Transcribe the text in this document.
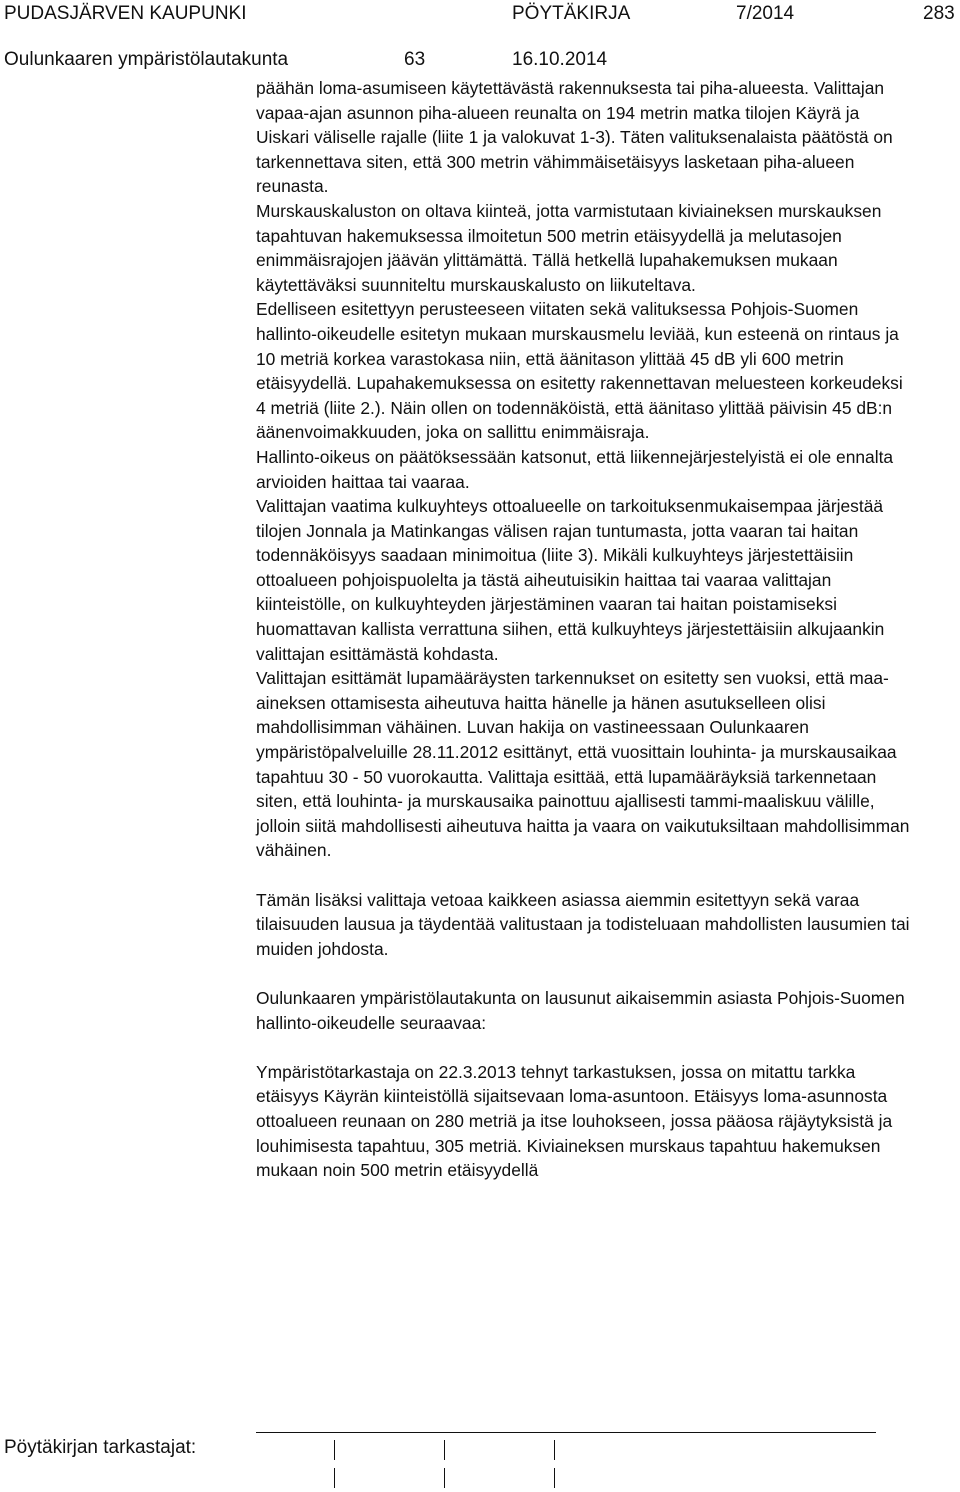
PUDASJÄRVEN KAUPUNKI	PÖYTÄKIRJA	7/2014	283
Oulunkaaren ympäristölautakunta	63	16.10.2014

päähän loma-asumiseen käytettävästä rakennuksesta tai piha-alueesta. Valittajan vapaa-ajan asunnon piha-alueen reunalta on 194 metrin matka tilojen Käyrä ja Uiskari väliselle rajalle (liite 1 ja valokuvat 1-3). Täten valituksenalaista päätöstä on tarkennettava siten, että 300 metrin vähimmäisetäisyys lasketaan piha-alueen reunasta.

Murskauskaluston on oltava kiinteä, jotta varmistutaan kiviaineksen murskauksen tapahtuvan hakemuksessa ilmoitetun 500 metrin etäisyydellä ja melutasojen enimmäisrajojen jäävän ylittämättä. Tällä hetkellä lupahakemuksen mukaan käytettäväksi suunniteltu murskauskalusto on liikuteltava.

Edelliseen esitettyyn perusteeseen viitaten sekä valituksessa Pohjois-Suomen hallinto-oikeudelle esitetyn mukaan murskausmelu leviää, kun esteenä on rintaus ja 10 metriä korkea varastokasa niin, että äänitason ylittää 45 dB yli 600 metrin etäisyydellä. Lupahakemuksessa on esitetty rakennettavan meluesteen korkeudeksi 4 metriä (liite 2.). Näin ollen on todennäköistä, että äänitaso ylittää päivisin 45 dB:n äänenvoimakkuuden, joka on sallittu enimmäisraja.

Hallinto-oikeus on päätöksessään katsonut, että liikennejärjestelyistä ei ole ennalta arvioiden haittaa tai vaaraa.

Valittajan vaatima kulkuyhteys ottoalueelle on tarkoituksenmukaisempaa järjestää tilojen Jonnala ja Matinkangas välisen rajan tuntumasta, jotta vaaran tai haitan todennäköisyys saadaan minimoitua (liite 3). Mikäli kulkuyhteys järjestettäisiin ottoalueen pohjoispuolelta ja tästä aiheutuisikin haittaa tai vaaraa valittajan kiinteistölle, on kulkuyhteyden järjestäminen vaaran tai haitan poistamiseksi huomattavan kallista verrattuna siihen, että kulkuyhteys järjestettäisiin alkujaankin valittajan esittämästä kohdasta.

Valittajan esittämät lupamääräysten tarkennukset on esitetty sen vuoksi, että maa-aineksen ottamisesta aiheutuva haitta hänelle ja hänen asutukselleen olisi mahdollisimman vähäinen. Luvan hakija on vastineessaan Oulunkaaren ympäristöpalveluille 28.11.2012 esittänyt, että vuosittain louhinta- ja murskausaikaa tapahtuu 30 - 50 vuorokautta. Valittaja esittää, että lupamääräyksiä tarkennetaan siten, että louhinta- ja murskausaika painottuu ajallisesti tammi-maaliskuu välille, jolloin siitä mahdollisesti aiheutuva haitta ja vaara on vaikutuksiltaan mahdollisimman vähäinen.

Tämän lisäksi valittaja vetoaa kaikkeen asiassa aiemmin esitettyyn sekä varaa tilaisuuden lausua ja täydentää valitustaan ja todisteluaan mahdollisten lausumien tai muiden johdosta.

Oulunkaaren ympäristölautakunta on lausunut aikaisemmin asiasta Pohjois-Suomen hallinto-oikeudelle seuraavaa:

Ympäristötarkastaja on 22.3.2013 tehnyt tarkastuksen, jossa on mitattu tarkka etäisyys Käyrän kiinteistöllä sijaitsevaan loma-asuntoon. Etäisyys loma-asunnosta ottoalueen reunaan on 280 metriä ja itse louhokseen, jossa pääosa räjäytyksistä ja louhimisesta tapahtuu, 305 metriä. Kiviaineksen murskaus tapahtuu hakemuksen mukaan noin 500 metrin etäisyydellä

Pöytäkirjan tarkastajat:
